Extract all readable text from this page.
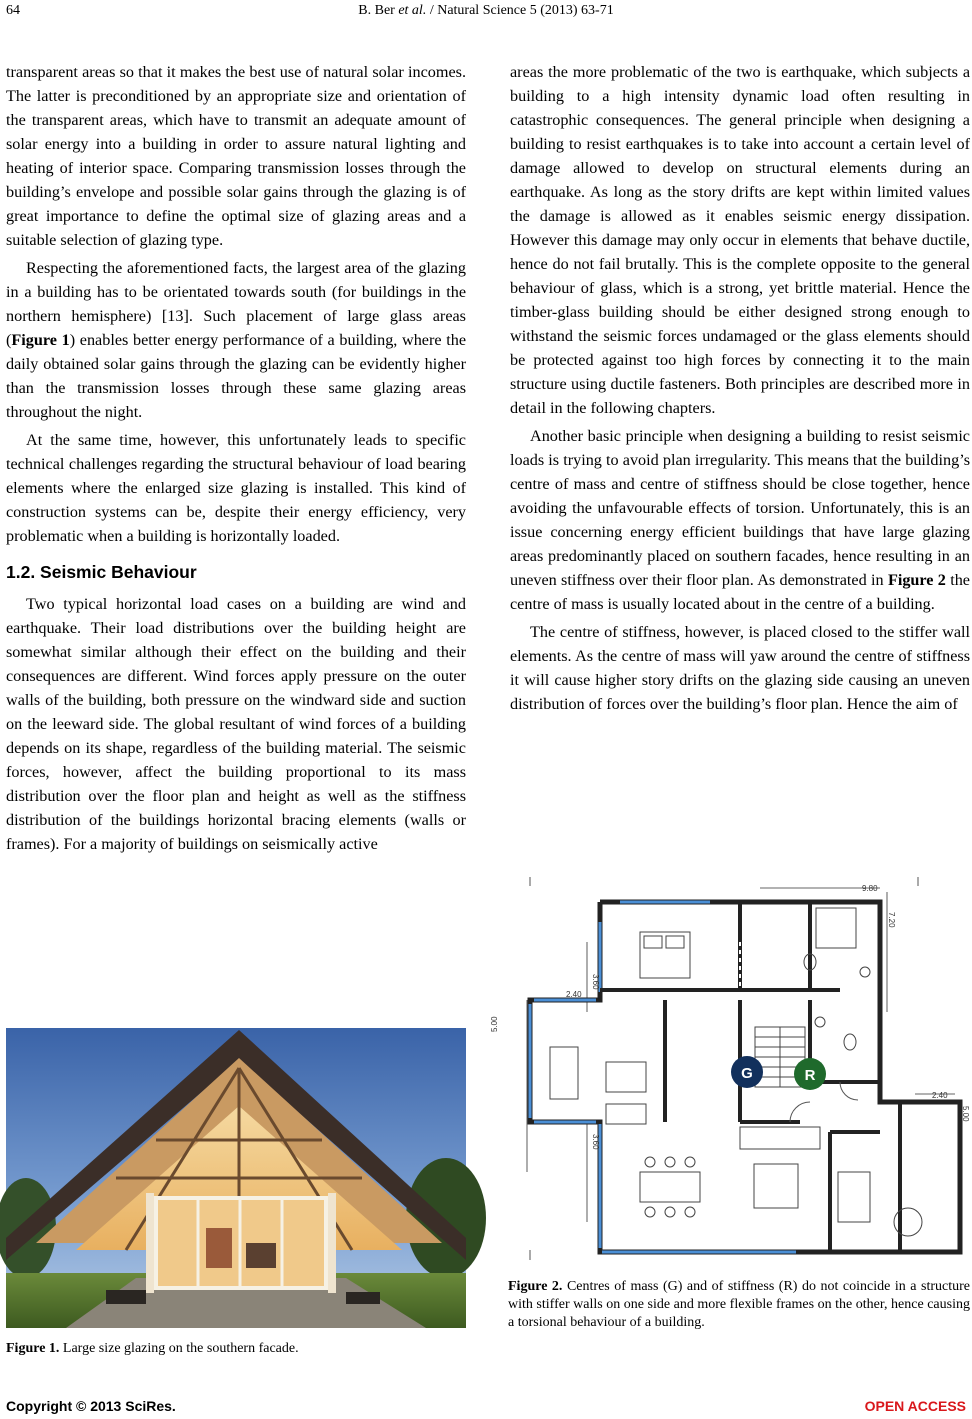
64	B. Ber et al. / Natural Science 5 (2013) 63-71

transparent areas so that it makes the best use of natural solar incomes. The latter is preconditioned by an appropriate size and orientation of the transparent areas, which have to transmit an adequate amount of solar energy into a building in order to assure natural lighting and heating of interior space. Comparing transmission losses through the building’s envelope and possible solar gains through the glazing is of great importance to define the optimal size of glazing areas and a suitable selection of glazing type.

Respecting the aforementioned facts, the largest area of the glazing in a building has to be orientated towards south (for buildings in the northern hemisphere) [13]. Such placement of large glass areas (Figure 1) enables better energy performance of a building, where the daily obtained solar gains through the glazing can be evidently higher than the transmission losses through these same glazing areas throughout the night.

At the same time, however, this unfortunately leads to specific technical challenges regarding the structural behaviour of load bearing elements where the enlarged size glazing is installed. This kind of construction systems can be, despite their energy efficiency, very problematic when a building is horizontally loaded.

1.2. Seismic Behaviour

Two typical horizontal load cases on a building are wind and earthquake. Their load distributions over the building height are somewhat similar although their effect on the building and their consequences are different. Wind forces apply pressure on the outer walls of the building, both pressure on the windward side and suction on the leeward side. The global resultant of wind forces of a building depends on its shape, regardless of the building material. The seismic forces, however, affect the building proportional to its mass distribution over the floor plan and height as well as the stiffness distribution of the buildings horizontal bracing elements (walls or frames). For a majority of buildings on seismically active

areas the more problematic of the two is earthquake, which subjects a building to a high intensity dynamic load often resulting in catastrophic consequences. The general principle when designing a building to resist earthquakes is to take into account a certain level of damage allowed to develop on structural elements during an earthquake. As long as the story drifts are kept within limited values the damage is allowed as it enables seismic energy dissipation. However this damage may only occur in elements that behave ductile, hence do not fail brutally. This is the complete opposite to the general behaviour of glass, which is a strong, yet brittle material. Hence the timber-glass building should be either designed strong enough to withstand the seismic forces undamaged or the glass elements should be protected against too high forces by connecting it to the main structure using ductile fasteners. Both principles are described more in detail in the following chapters.

Another basic principle when designing a building to resist seismic loads is trying to avoid plan irregularity. This means that the building’s centre of mass and centre of stiffness should be close together, hence avoiding the unfavourable effects of torsion. Unfortunately, this is an issue concerning energy efficient buildings that have large glazing areas predominantly placed on southern facades, hence resulting in an uneven stiffness over their floor plan. As demonstrated in Figure 2 the centre of mass is usually located about in the centre of a building.

The centre of stiffness, however, is placed closed to the stiffer wall elements. As the centre of mass will yaw around the centre of stiffness it will cause higher story drifts on the glazing side causing an uneven distribution of forces over the building’s floor plan. Hence the aim of

Figure 1. Large size glazing on the southern facade.
G	R
9.80
7.20
3.60
2.40
5.00
3.60
2.40
5.00
Figure 2. Centres of mass (G) and of stiffness (R) do not coincide in a structure with stiffer walls on one side and more flexible frames on the other, hence causing a torsional behaviour of a building.
Copyright © 2013 SciRes.	OPEN ACCESS
